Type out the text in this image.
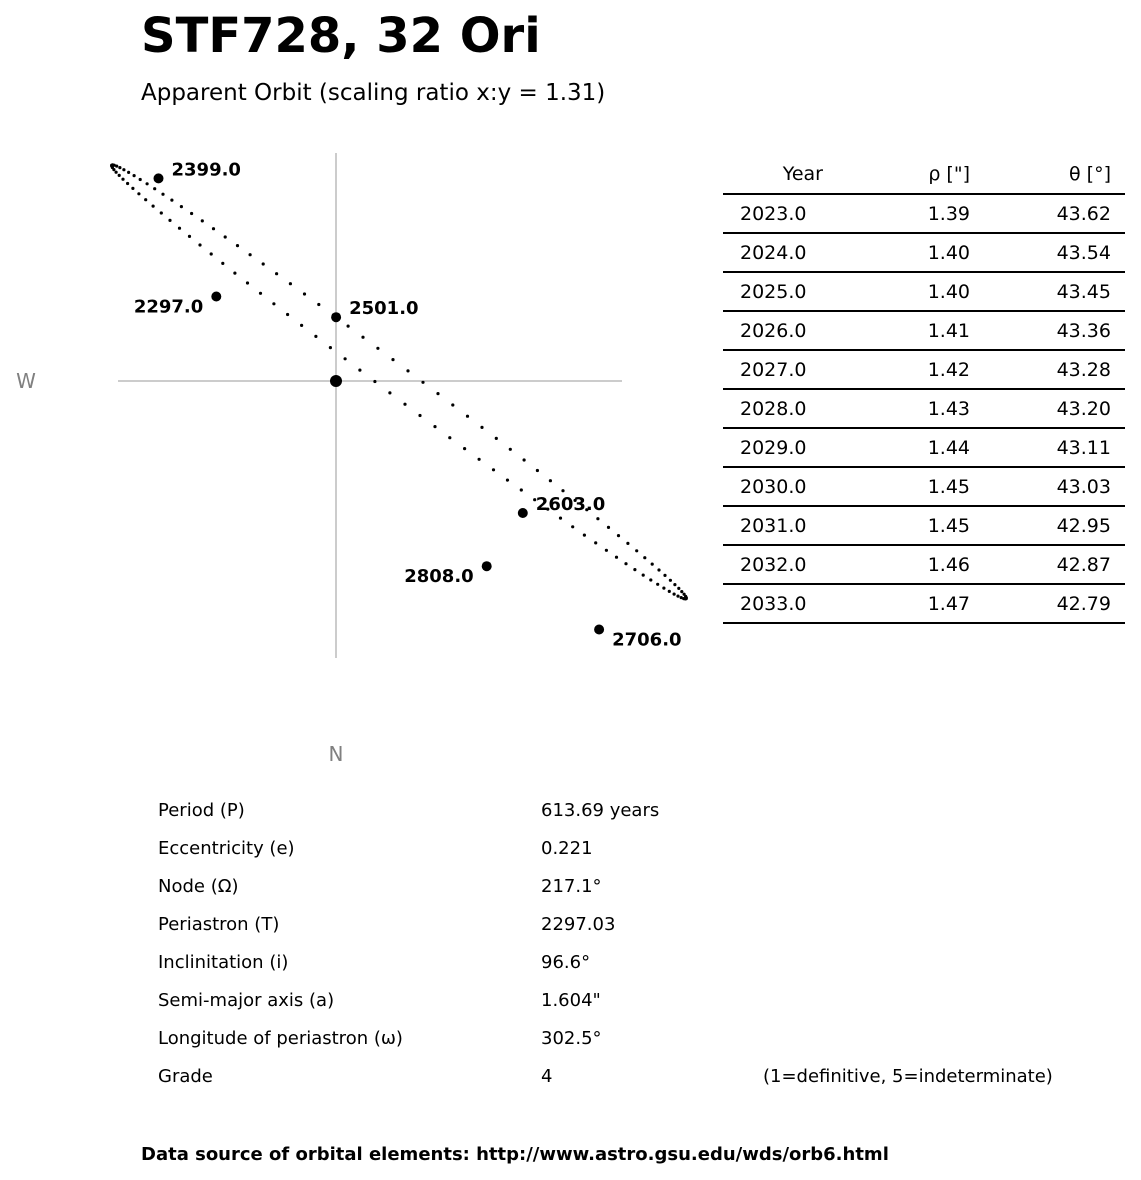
STF728, 32 Ori
Apparent Orbit (scaling ratio x:y = 1.31)
2297.0
2399.0
2501.0
2603.0
2706.0
2808.0
W
N
Year	ρ ["]	θ [°]
2023.0	1.39	43.62
2024.0	1.40	43.54
2025.0	1.40	43.45
2026.0	1.41	43.36
2027.0	1.42	43.28
2028.0	1.43	43.20
2029.0	1.44	43.11
2030.0	1.45	43.03
2031.0	1.45	42.95
2032.0	1.46	42.87
2033.0	1.47	42.79
Period (P)	613.69 years
Eccentricity (e)	0.221
Node (Ω)	217.1°
Periastron (T)	2297.03
Inclinitation (i)	96.6°
Semi-major axis (a)	1.604"
Longitude of periastron (ω)	302.5°
Grade	4	(1=definitive, 5=indeterminate)
Data source of orbital elements: http://www.astro.gsu.edu/wds/orb6.html
